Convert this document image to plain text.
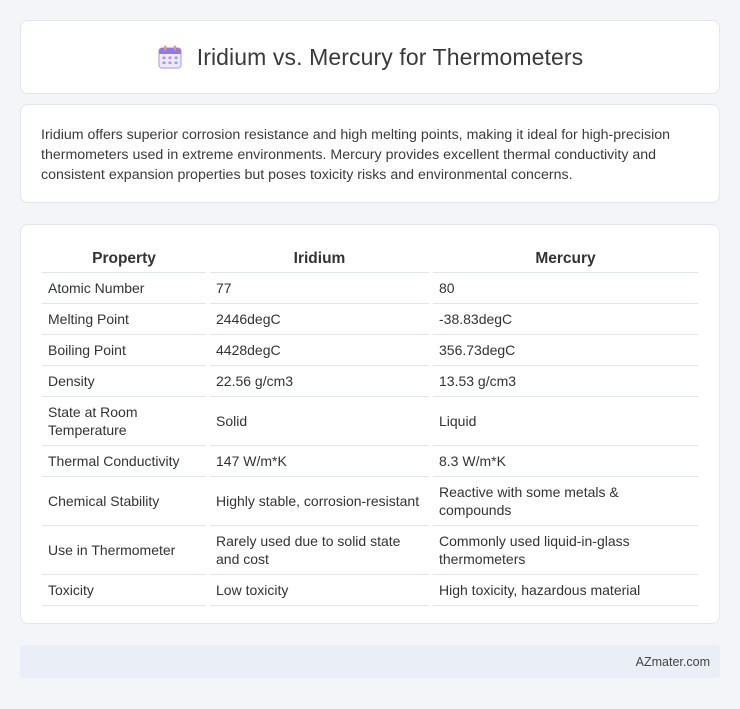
Iridium vs. Mercury for Thermometers

Iridium offers superior corrosion resistance and high melting points, making it ideal for high-precision thermometers used in extreme environments. Mercury provides excellent thermal conductivity and consistent expansion properties but poses toxicity risks and environmental concerns.

Property	Iridium	Mercury
Atomic Number	77	80
Melting Point	2446degC	-38.83degC
Boiling Point	4428degC	356.73degC
Density	22.56 g/cm3	13.53 g/cm3
State at Room Temperature	Solid	Liquid
Thermal Conductivity	147 W/m*K	8.3 W/m*K
Chemical Stability	Highly stable, corrosion-resistant	Reactive with some metals & compounds
Use in Thermometer	Rarely used due to solid state and cost	Commonly used liquid-in-glass thermometers
Toxicity	Low toxicity	High toxicity, hazardous material
AZmater.com
